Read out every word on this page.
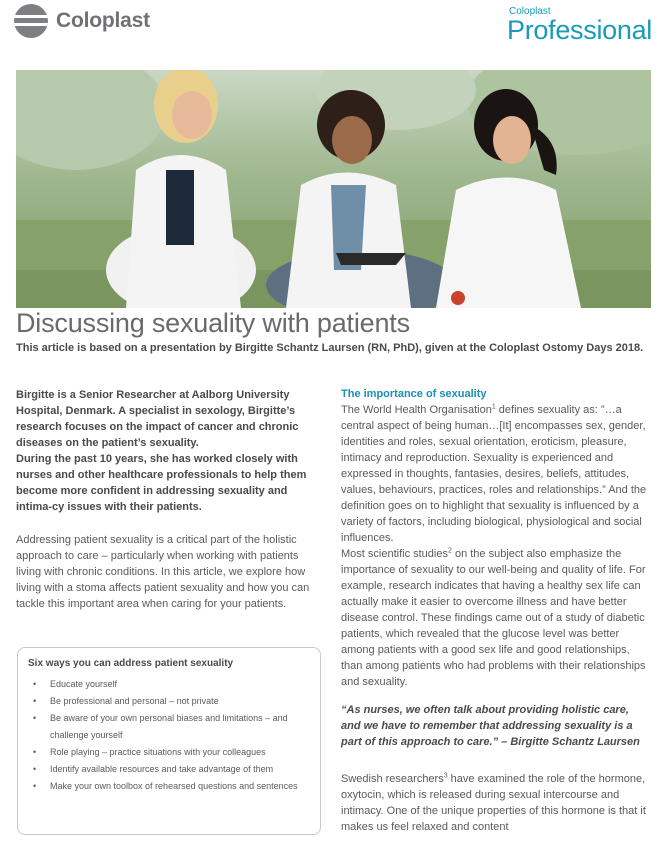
Coloplast	Coloplast
Professional
Discussing sexuality with patients

This article is based on a presentation by Birgitte Schantz Laursen (RN, PhD), given at the Coloplast Ostomy Days 2018.

Birgitte is a Senior Researcher at Aalborg University Hospital, Denmark. A specialist in sexology, Birgitte’s research focuses on the impact of cancer and chronic diseases on the patient’s sexuality.

During the past 10 years, she has worked closely with nurses and other healthcare professionals to help them become more confident in addressing sexuality and intima-cy issues with their patients.

Addressing patient sexuality is a critical part of the holistic approach to care – particularly when working with patients living with chronic conditions. In this article, we explore how living with a stoma affects patient sexuality and how you can tackle this important area when caring for your patients.

Six ways you can address patient sexuality

• Educate yourself
• Be professional and personal – not private
• Be aware of your own personal biases and limitations – and challenge yourself
• Role playing – practice situations with your colleagues
• Identify available resources and take advantage of them
• Make your own toolbox of rehearsed questions and sentences

The importance of sexuality

The World Health Organisation$^1$ defines sexuality as: ”…a central aspect of being human…[It] encompasses sex, gender, identities and roles, sexual orientation, eroticism, pleasure, intimacy and reproduction. Sexuality is experienced and expressed in thoughts, fantasies, desires, beliefs, attitudes, values, behaviours, practices, roles and relationships.” And the definition goes on to highlight that sexuality is influenced by a variety of factors, including biological, physiological and social influences.

Most scientific studies$^2$ on the subject also emphasize the importance of sexuality to our well-being and quality of life. For example, research indicates that having a healthy sex life can actually make it easier to overcome illness and have better disease control. These findings came out of a study of diabetic patients, which revealed that the glucose level was better among patients with a good sex life and good relationships, than among patients who had problems with their relationships and sexuality.

“As nurses, we often talk about providing holistic care, and we have to remember that addressing sexuality is a part of this approach to care.” – Birgitte Schantz Laursen

Swedish researchers$^3$ have examined the role of the hormone, oxytocin, which is released during sexual intercourse and intimacy. One of the unique properties of this hormone is that it makes us feel relaxed and content
